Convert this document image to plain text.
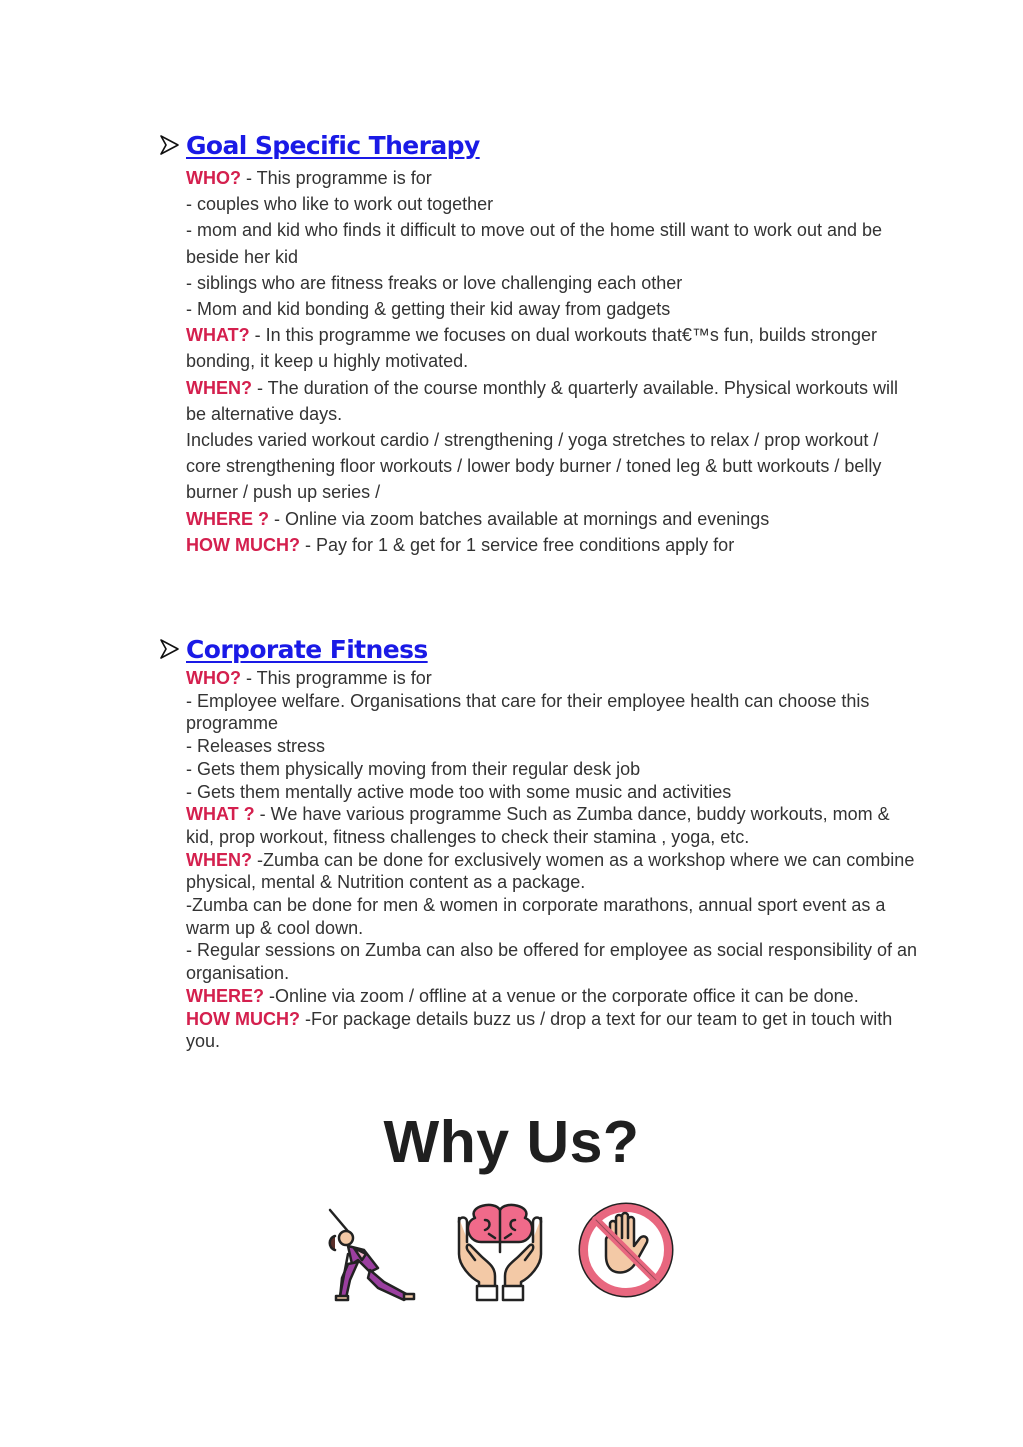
Goal Specific Therapy

WHO? - This programme is for

- couples who like to work out together

- mom and kid who finds it difficult to move out of the home still want to work out and be beside her kid

- siblings who are fitness freaks or love challenging each other

- Mom and kid bonding & getting their kid away from gadgets

WHAT? - In this programme we focuses on dual workouts that€™s fun, builds stronger bonding, it keep u highly motivated.

WHEN? - The duration of the course monthly & quarterly available. Physical workouts will be alternative days.

Includes varied workout cardio / strengthening / yoga stretches to relax / prop workout / core strengthening floor workouts / lower body burner / toned leg & butt workouts / belly burner / push up series /

WHERE ? - Online via zoom batches available at mornings and evenings

HOW MUCH? - Pay for 1 & get for 1 service free conditions apply for

Corporate Fitness

WHO? - This programme is for

- Employee welfare. Organisations that care for their employee health can choose this programme

- Releases stress

- Gets them physically moving from their regular desk job

- Gets them mentally active mode too with some music and activities

WHAT ? - We have various programme Such as Zumba dance, buddy workouts, mom & kid, prop workout, fitness challenges to check their stamina , yoga, etc.

WHEN? -Zumba can be done for exclusively women as a workshop where we can combine physical, mental & Nutrition content as a package.

-Zumba can be done for men & women in corporate marathons, annual sport event as a warm up & cool down.

- Regular sessions on Zumba can also be offered for employee as social responsibility of an organisation.

WHERE? -Online via zoom / offline at a venue or the corporate office it can be done.

HOW MUCH? -For package details buzz us / drop a text for our team to get in touch with you.

Why Us?
